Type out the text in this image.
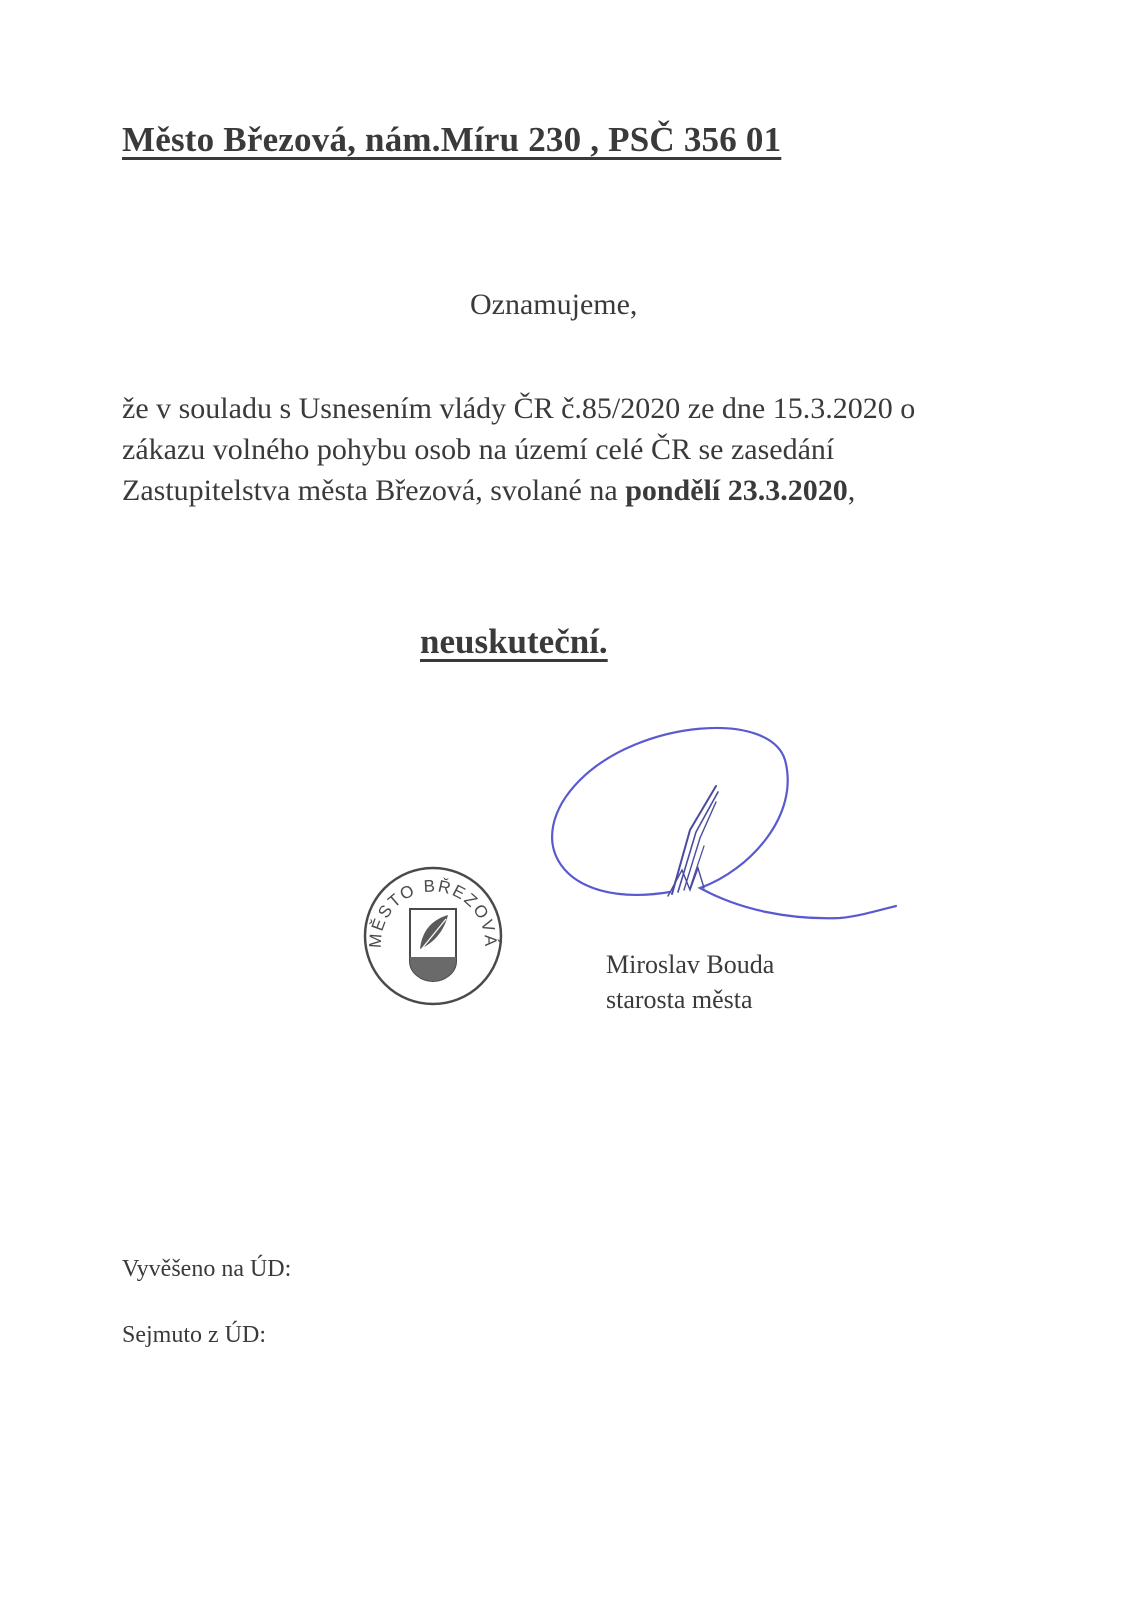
Město Březová, nám.Míru 230 , PSČ 356 01
Oznamujeme,
že v souladu s Usnesením vlády ČR č.85/2020 ze dne 15.3.2020 o zákazu volného pohybu osob na území celé ČR se zasedání Zastupitelstva města Březová, svolané na pondělí 23.3.2020,
neuskuteční.
MĚSTO BŘEZOVÁ
Miroslav Bouda
starosta města
Vyvěšeno na ÚD:
Sejmuto z ÚD:
